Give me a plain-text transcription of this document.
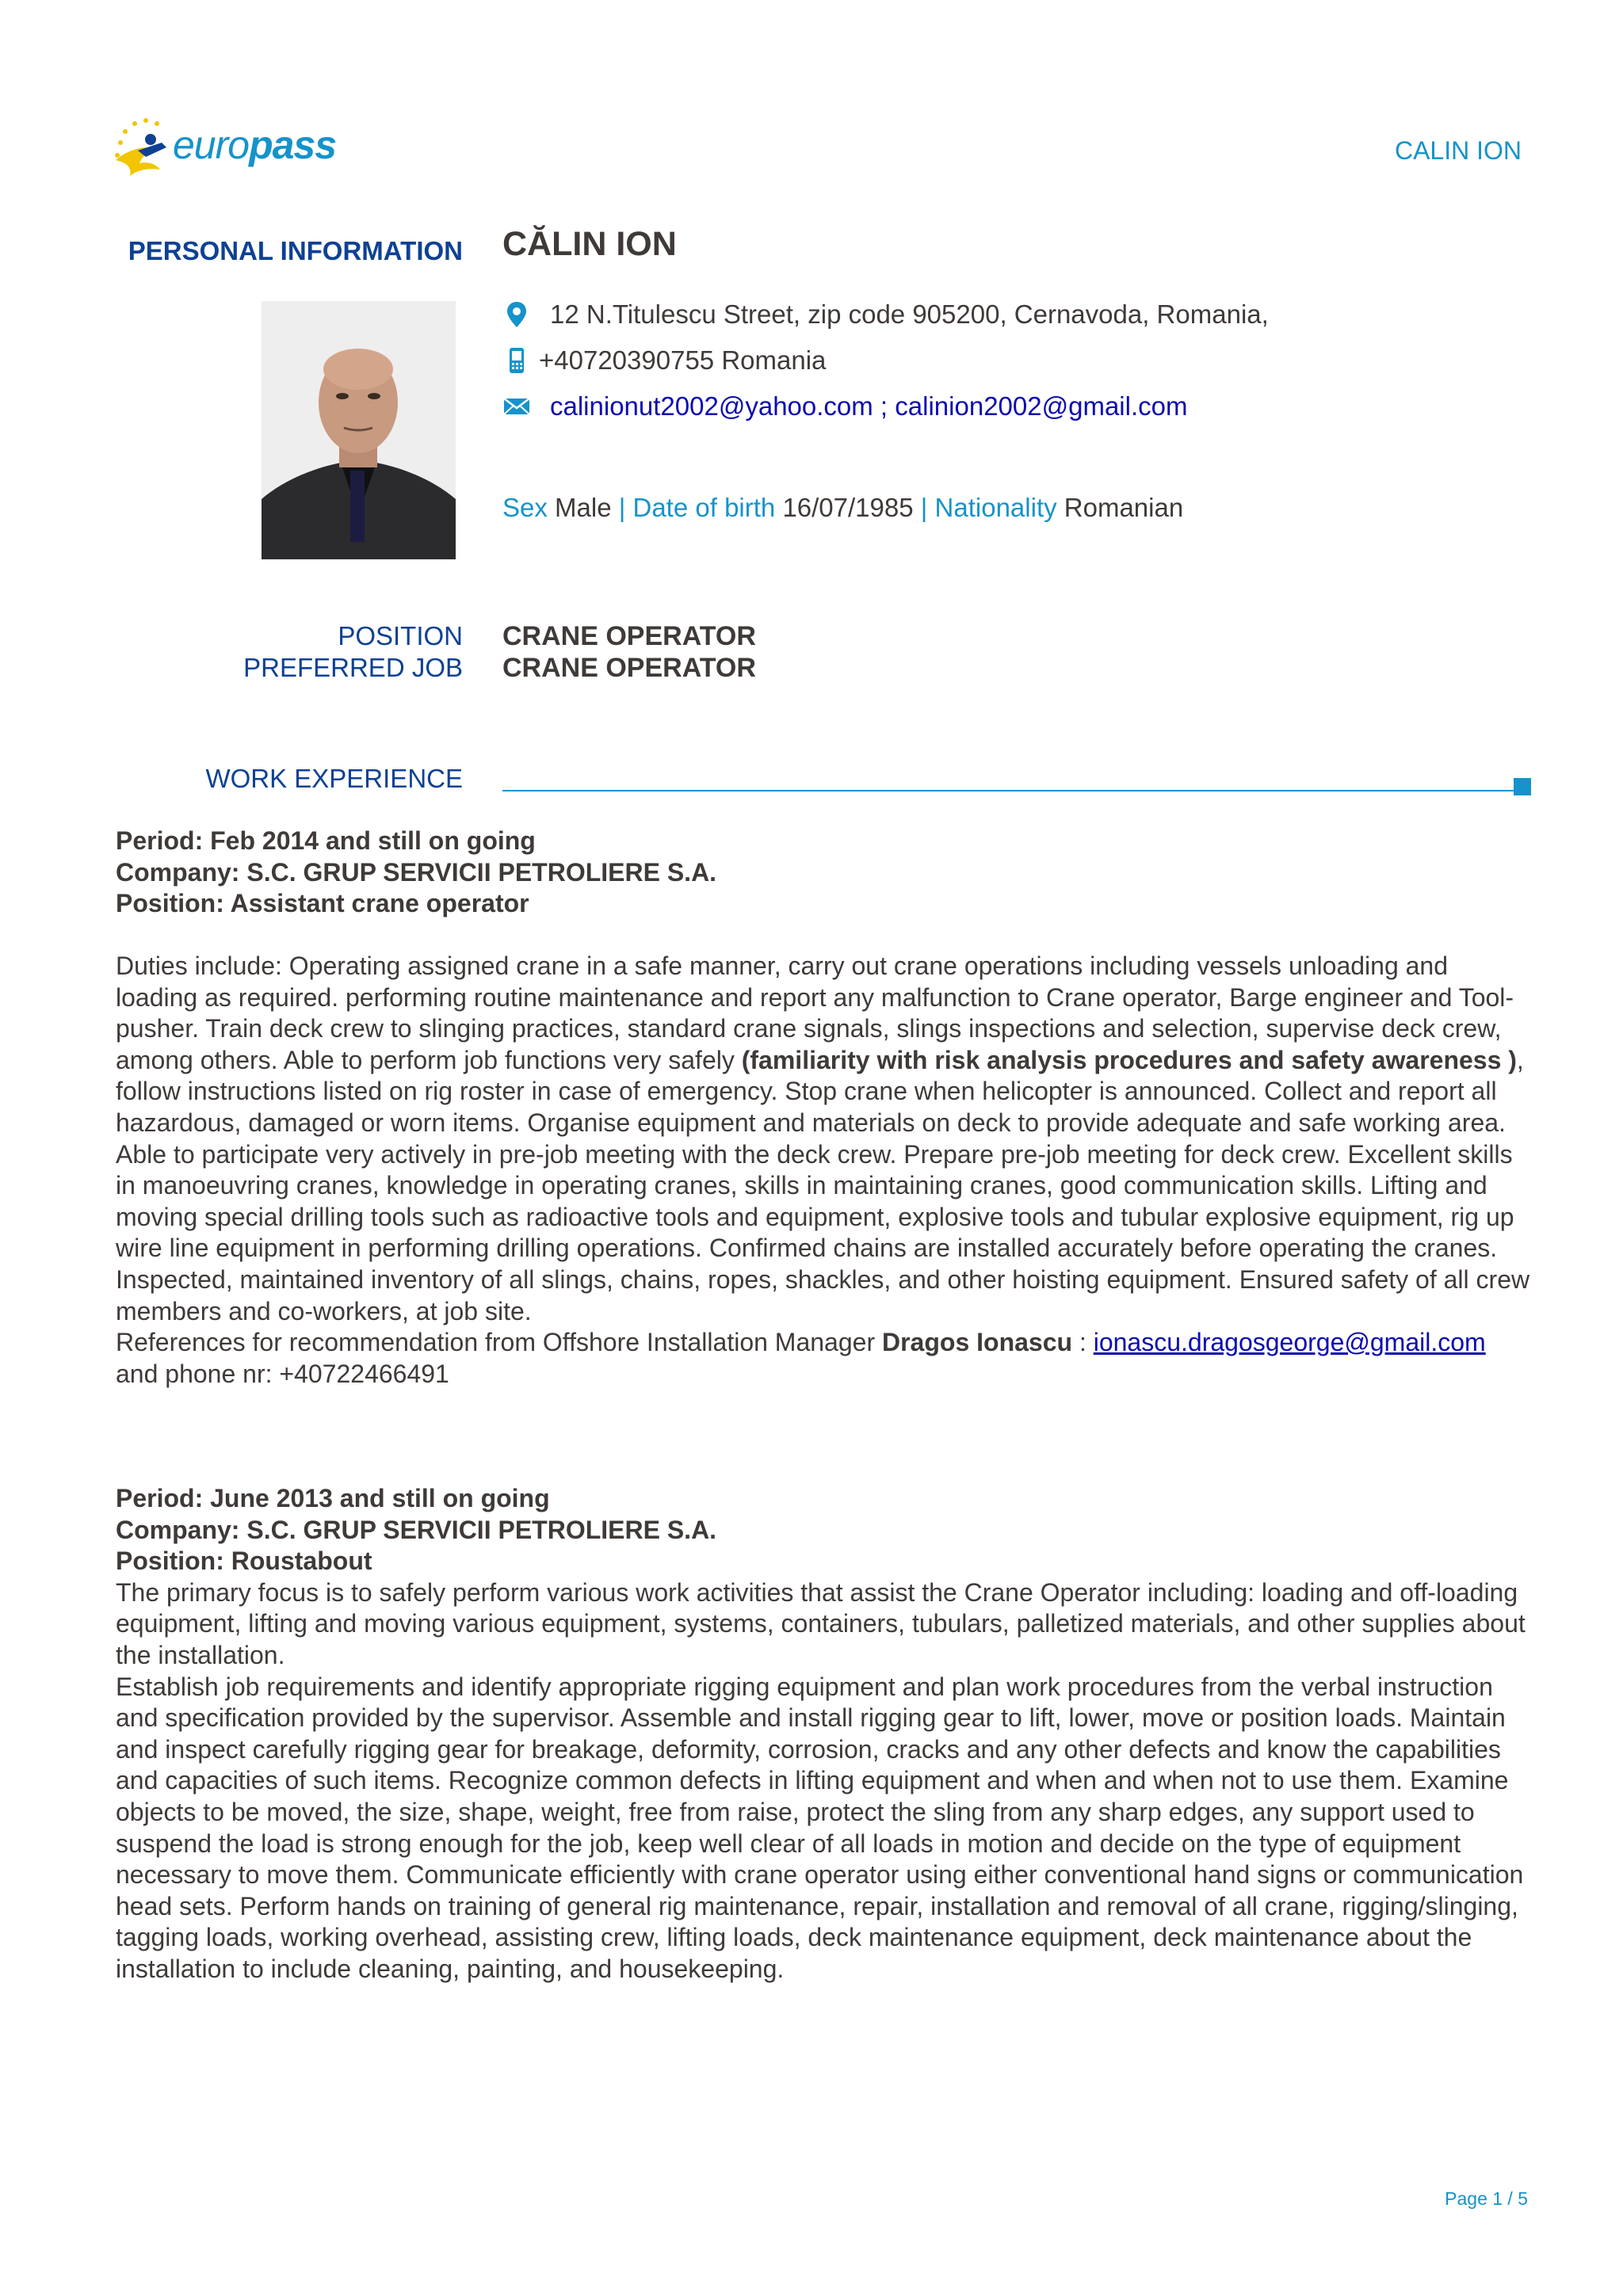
europass	CALIN ION
PERSONAL INFORMATION CĂLIN ION
12 N.Titulescu Street, zip code 905200, Cernavoda, Romania,
+40720390755 Romania
calinionut2002@yahoo.com ; calinion2002@gmail.com
Sex Male | Date of birth 16/07/1985 | Nationality Romanian
POSITION CRANE OPERATOR
PREFERRED JOB CRANE OPERATOR
WORK EXPERIENCE
Period: Feb 2014 and still on going
Company: S.C. GRUP SERVICII PETROLIERE S.A.
Position: Assistant crane operator
Duties include: Operating assigned crane in a safe manner, carry out crane operations including vessels unloading and loading as required. performing routine maintenance and report any malfunction to Crane operator, Barge engineer and Tool-pusher. Train deck crew to slinging practices, standard crane signals, slings inspections and selection, supervise deck crew, among others. Able to perform job functions very safely (familiarity with risk analysis procedures and safety awareness ), follow instructions listed on rig roster in case of emergency. Stop crane when helicopter is announced. Collect and report all hazardous, damaged or worn items. Organise equipment and materials on deck to provide adequate and safe working area. Able to participate very actively in pre-job meeting with the deck crew. Prepare pre-job meeting for deck crew. Excellent skills in manoeuvring cranes, knowledge in operating cranes, skills in maintaining cranes, good communication skills. Lifting and moving special drilling tools such as radioactive tools and equipment, explosive tools and tubular explosive equipment, rig up wire line equipment in performing drilling operations. Confirmed chains are installed accurately before operating the cranes. Inspected, maintained inventory of all slings, chains, ropes, shackles, and other hoisting equipment. Ensured safety of all crew members and co-workers, at job site.
References for recommendation from Offshore Installation Manager Dragos Ionascu : ionascu.dragosgeorge@gmail.com
and phone nr: +40722466491
Period: June 2013 and still on going
Company: S.C. GRUP SERVICII PETROLIERE S.A.
Position: Roustabout
The primary focus is to safely perform various work activities that assist the Crane Operator including: loading and off-loading equipment, lifting and moving various equipment, systems, containers, tubulars, palletized materials, and other supplies about the installation.
Establish job requirements and identify appropriate rigging equipment and plan work procedures from the verbal instruction and specification provided by the supervisor. Assemble and install rigging gear to lift, lower, move or position loads. Maintain and inspect carefully rigging gear for breakage, deformity, corrosion, cracks and any other defects and know the capabilities and capacities of such items. Recognize common defects in lifting equipment and when and when not to use them. Examine objects to be moved, the size, shape, weight, free from raise, protect the sling from any sharp edges, any support used to suspend the load is strong enough for the job, keep well clear of all loads in motion and decide on the type of equipment necessary to move them. Communicate efficiently with crane operator using either conventional hand signs or communication head sets. Perform hands on training of general rig maintenance, repair, installation and removal of all crane, rigging/slinging, tagging loads, working overhead, assisting crew, lifting loads, deck maintenance equipment, deck maintenance about the installation to include cleaning, painting, and housekeeping.
Page 1 / 5
